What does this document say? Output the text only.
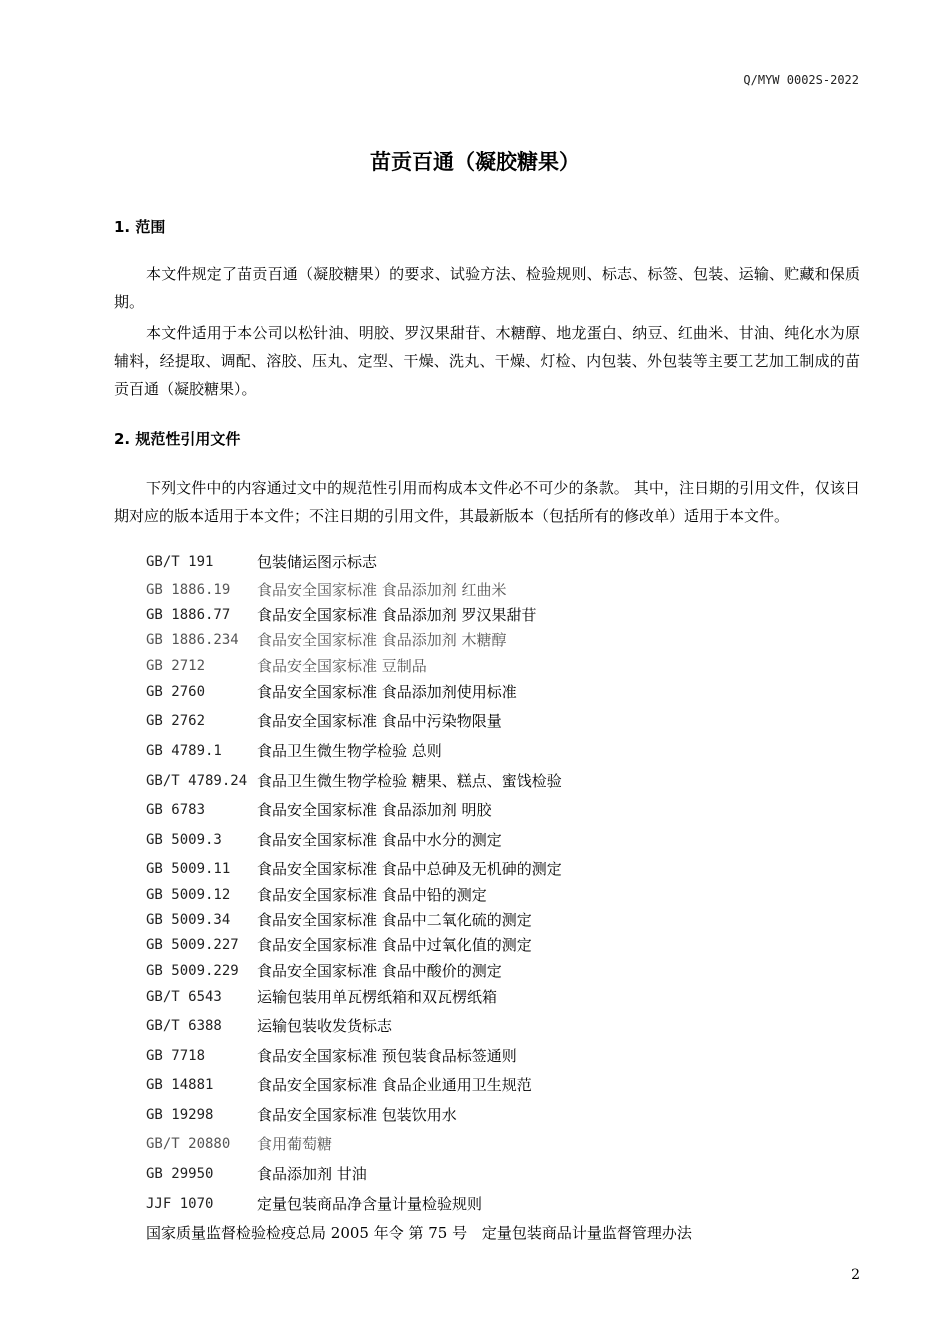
Q/MYW 0002S-2022
苗贡百通（凝胶糖果）
1. 范围
本文件规定了苗贡百通（凝胶糖果）的要求、试验方法、检验规则、标志、标签、包装、运输、贮藏和保质期。
本文件适用于本公司以松针油、明胶、罗汉果甜苷、木糖醇、地龙蛋白、纳豆、红曲米、甘油、纯化水为原辅料，经提取、调配、溶胶、压丸、定型、干燥、洗丸、干燥、灯检、内包装、外包装等主要工艺加工制成的苗贡百通（凝胶糖果）。
2. 规范性引用文件
下列文件中的内容通过文中的规范性引用而构成本文件必不可少的条款。 其中，注日期的引用文件，仅该日期对应的版本适用于本文件；不注日期的引用文件，其最新版本（包括所有的修改单）适用于本文件。
GB/T 191	包装储运图示标志
GB 1886.19 食品安全国家标准 食品添加剂 红曲米
GB 1886.77 食品安全国家标准 食品添加剂 罗汉果甜苷
GB 1886.234 食品安全国家标准 食品添加剂 木糖醇
GB 2712	食品安全国家标准 豆制品
GB 2760	食品安全国家标准 食品添加剂使用标准
GB 2762	食品安全国家标准 食品中污染物限量
GB 4789.1 食品卫生微生物学检验 总则
GB/T 4789.24 食品卫生微生物学检验 糖果、糕点、蜜饯检验
GB 6783	食品安全国家标准 食品添加剂 明胶
GB 5009.3 食品安全国家标准 食品中水分的测定
GB 5009.11 食品安全国家标准 食品中总砷及无机砷的测定
GB 5009.12 食品安全国家标准 食品中铅的测定
GB 5009.34 食品安全国家标准 食品中二氧化硫的测定
GB 5009.227 食品安全国家标准 食品中过氧化值的测定
GB 5009.229 食品安全国家标准 食品中酸价的测定
GB/T 6543 运输包装用单瓦楞纸箱和双瓦楞纸箱
GB/T 6388 运输包装收发货标志
GB 7718	食品安全国家标准 预包装食品标签通则
GB 14881	食品安全国家标准 食品企业通用卫生规范
GB 19298	食品安全国家标准 包装饮用水
GB/T 20880 食用葡萄糖
GB 29950	食品添加剂 甘油
JJF 1070	定量包装商品净含量计量检验规则
国家质量监督检验检疫总局 2005 年令 第 75 号 定量包装商品计量监督管理办法
2
